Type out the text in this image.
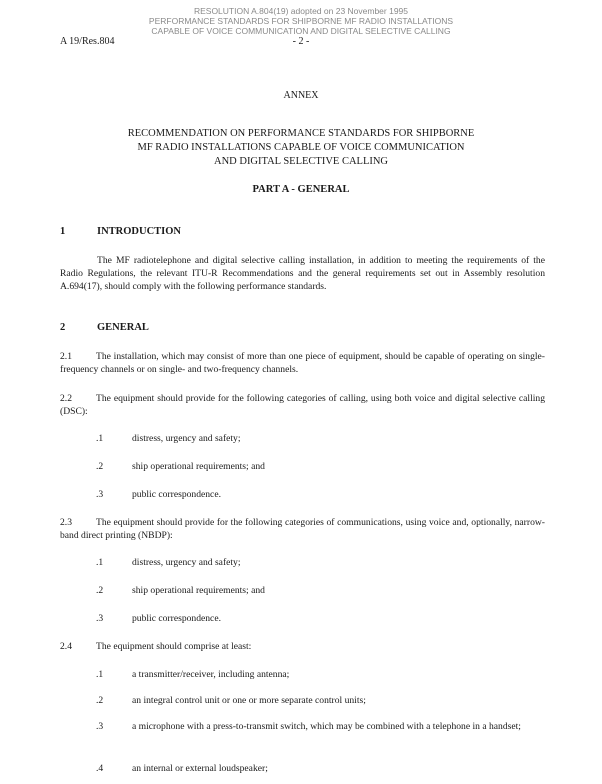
RESOLUTION A.804(19) adopted on 23 November 1995
PERFORMANCE STANDARDS FOR SHIPBORNE MF RADIO INSTALLATIONS
CAPABLE OF VOICE COMMUNICATION AND DIGITAL SELECTIVE CALLING
A 19/Res.804	- 2 -
ANNEX
RECOMMENDATION ON PERFORMANCE STANDARDS FOR SHIPBORNE
MF RADIO INSTALLATIONS CAPABLE OF VOICE COMMUNICATION
AND DIGITAL SELECTIVE CALLING
PART A - GENERAL
1	INTRODUCTION
The MF radiotelephone and digital selective calling installation, in addition to meeting the requirements of the Radio Regulations, the relevant ITU-R Recommendations and the general requirements set out in Assembly resolution A.694(17), should comply with the following performance standards.
2	GENERAL
2.1	The installation, which may consist of more than one piece of equipment, should be capable of operating on single-frequency channels or on single- and two-frequency channels.
2.2	The equipment should provide for the following categories of calling, using both voice and digital selective calling (DSC):
.1	distress, urgency and safety;
.2	ship operational requirements; and
.3	public correspondence.
2.3	The equipment should provide for the following categories of communications, using voice and, optionally, narrow-band direct printing (NBDP):
.1	distress, urgency and safety;
.2	ship operational requirements; and
.3	public correspondence.
2.4	The equipment should comprise at least:
.1	a transmitter/receiver, including antenna;
.2	an integral control unit or one or more separate control units;
.3	a microphone with a press-to-transmit switch, which may be combined with a telephone in a handset;
.4	an internal or external loudspeaker;
